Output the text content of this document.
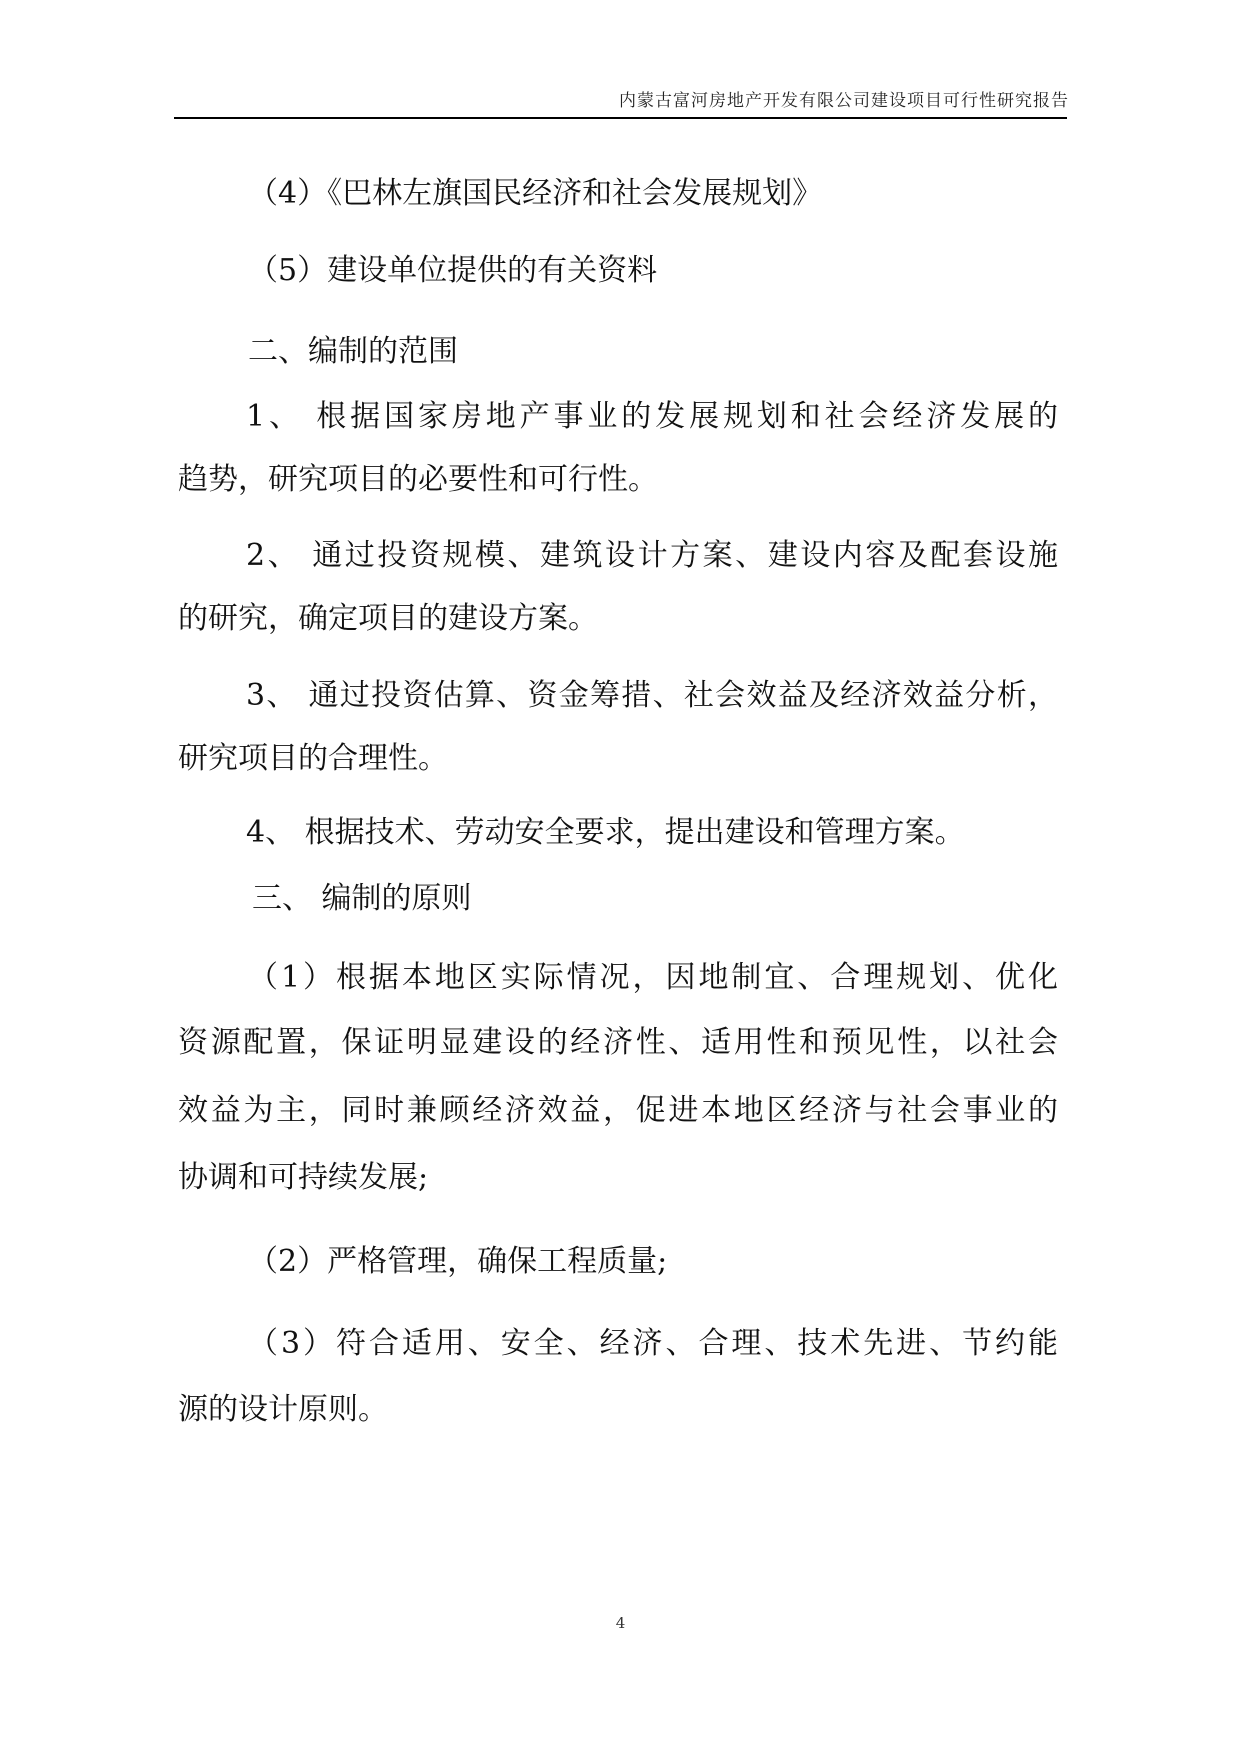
内蒙古富河房地产开发有限公司建设项目可行性研究报告
（4）《巴林左旗国民经济和社会发展规划》
（5）建设单位提供的有关资料
二、编制的范围
1、 根据国家房地产事业的发展规划和社会经济发展的
趋势，研究项目的必要性和可行性。
2、 通过投资规模、建筑设计方案、建设内容及配套设施
的研究，确定项目的建设方案。
3、 通过投资估算、资金筹措、社会效益及经济效益分析，
研究项目的合理性。
4、 根据技术、劳动安全要求，提出建设和管理方案。
三、 编制的原则
（1）根据本地区实际情况，因地制宜、合理规划、优化
资源配置，保证明显建设的经济性、适用性和预见性，以社会
效益为主，同时兼顾经济效益，促进本地区经济与社会事业的
协调和可持续发展;
（2）严格管理，确保工程质量;
（3）符合适用、安全、经济、合理、技术先进、节约能
源的设计原则。
4
